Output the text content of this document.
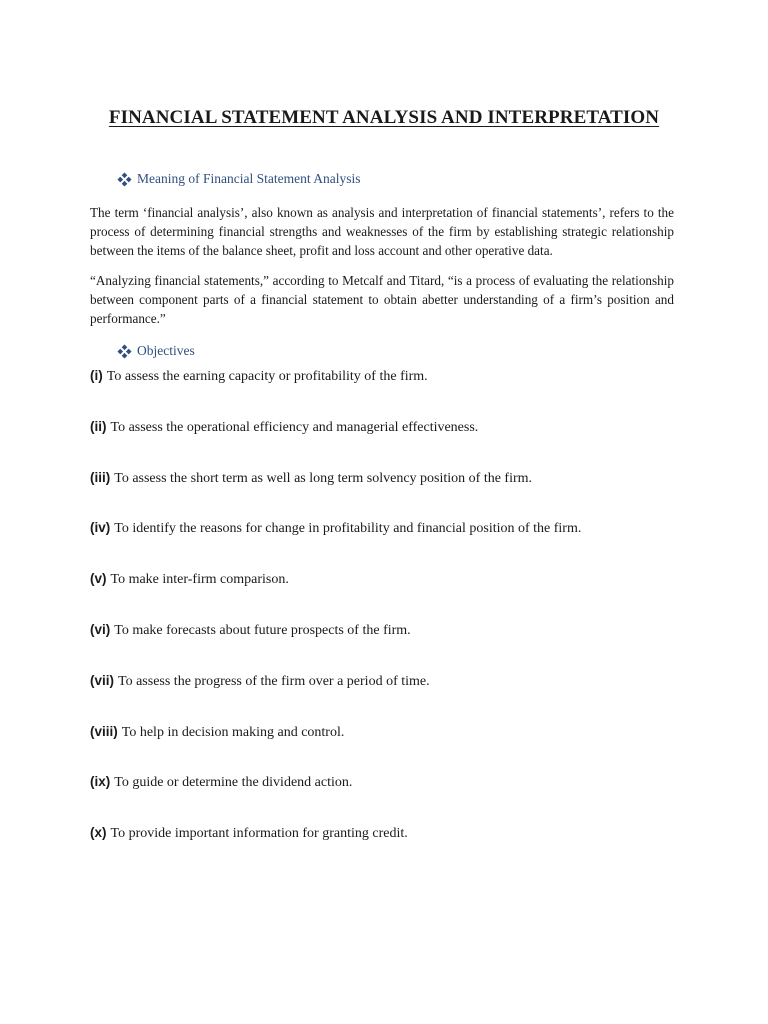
FINANCIAL STATEMENT ANALYSIS AND INTERPRETATION
Meaning of Financial Statement Analysis

The term ‘financial analysis’, also known as analysis and interpretation of financial statements’, refers to the process of determining financial strengths and weaknesses of the firm by establishing strategic relationship between the items of the balance sheet, profit and loss account and other operative data.

“Analyzing financial statements,” according to Metcalf and Titard, “is a process of evaluating the relationship between component parts of a financial statement to obtain abetter understanding of a firm’s position and performance.”

Objectives
(i) To assess the earning capacity or profitability of the firm.
(ii) To assess the operational efficiency and managerial effectiveness.
(iii) To assess the short term as well as long term solvency position of the firm.
(iv) To identify the reasons for change in profitability and financial position of the firm.
(v) To make inter-firm comparison.
(vi) To make forecasts about future prospects of the firm.
(vii) To assess the progress of the firm over a period of time.
(viii) To help in decision making and control.
(ix) To guide or determine the dividend action.
(x) To provide important information for granting credit.
